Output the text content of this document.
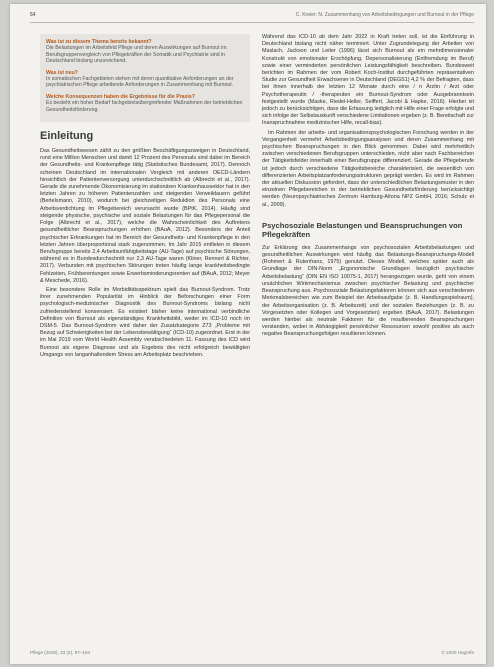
54	C. Kreier: N. Zusammenhang von Arbeitsbedingungen und Burnout in der Pflege
Was ist zu diesem Thema bereits bekannt?
Die Belastungen im Arbeitsfeld Pflege und deren Auswirkungen auf Burnout im Berufsgruppenvergleich von Pflegekräften der Somatik und Psychiatrie sind in Deutschland bislang unzureichend.
Was ist neu?
In somatischen Fachgebieten stehen mit deren quantitative Anforderungen an der psychiatrischen Pflege arbeitende Anforderungen in Zusammenhang mit Burnout.
Welche Konsequenzen haben die Ergebnisse für die Praxis?
Es besteht ein hoher Bedarf fachgebietsübergreifender Maßnahmen der betrieblichen Gesundheitsförderung.
Einleitung

Das Gesundheitswesen zählt zu den größten Beschäftigungszweigen in Deutschland, rund eine Million Menschen und damit 12 Prozent des Personals sind dabei im Bereich der Gesundheits- und Krankenpflege tätig (Statistisches Bundesamt, 2017). Dennoch scheinen Deutschland im internationalen Vergleich mit anderen OECD-Ländern hinsichtlich der Patientenversorgung unterdurchschnittlich ab (Albrecht et al., 2017). Gerade die zunehmende Ökonomisierung im stationären Krankenhaussektor hat in den letzten Jahren zu höheren Patientenzahlen und steigenden Verweildauern geführt (Bertelsmann, 2010), wodurch bei gleichzeitigen Reduktion des Personals eine Arbeitsverdichtung im Pflegebereich verursacht wurde (BPtK, 2014). Häufig sind steigende physische, psychische und soziale Belastungen für das Pflegepersonal die Folge (Albrecht et al., 2017), welche die Wahrscheinlichkeit des Auftretens gesundheitlicher Beanspruchungen erhöhen (BAuA, 2012). Besonders der Anteil psychischer Erkrankungen hat im Bereich der Gesundheits- und Krankenpflege in den letzten Jahren überproportional stark zugenommen. Im Jahr 2015 entfielen in diesem Berufsgruppe bereits 2,4 Arbeitsunfähigkeitstage (AU-Tage) auf psychische Störungen, während es in Bundesdurchschnitt nur 2,3 AU-Tage waren (Kliner, Rennert & Richter, 2017). Verbunden mit psychischen Störungen treten häufig lange krankheitsbedingte Fehlzeiten, Frühberentungen sowie Erwerbsminderungsrenten auf (BAuA, 2012; Meyer & Meschede, 2016).

Eine besondere Rolle im Morbiditätsspektrum spielt das Burnout-Syndrom. Trotz ihrer zunehmenden Popularität im Hinblick der Beforschungen einer Form psychologisch-medizinischer Diagnostik des Burnout-Syndroms bislang nicht zufriedenstellend konsensiert. Es existiert bisher keine international verbindliche Definition von Burnout als eigenständiges Krankheitsbild, weder im ICD-10 noch im DSM-5. Das Burnout-Syndrom wird daher der Zusatzkategorie Z73 „Probleme mit Bezug auf Schwierigkeiten bei der Lebensbewältigung“ (ICD-10) zugeordnet. Erst in der im Mai 2019 vom World Health Assembly verabschiedeten 11. Fassung des ICD wird Burnout als eigene Diagnose und als Ergebnis des nicht erfolgreich bewältigten Umgangs von langanhaltendem Stress am Arbeitsplatz beschrieben.

Während das ICD-10 ab dem Jahr 2022 in Kraft treten soll, ist die Einführung in Deutschland bislang nicht näher terminiert. Unter Zugrundelegung der Arbeiten von Maslach, Jackson und Leiter (1996) lässt sich Burnout als ein mehrdimensionaler Konstrukt von emotionaler Erschöpfung, Depersonalisierung (Entfremdung im Beruf) sowie einer verminderten persönlichen Leistungsfähigkeit beschreiben. Bundesweit berichten im Rahmen der vom Robert Koch-Institut durchgeführten repräsentativen Studie zur Gesundheit Erwachsener in Deutschland (DEGS1) 4,2 % der Befragten, dass bei ihnen innerhalb der letzten 12 Monate durch eine / n Ärztin / Arzt oder Psychotherapeutin / -therapeuten ein Burnout-Syndrom oder Ausgebranntsein festgestellt wurde (Maske, Riedel-Heller, Seiffert, Jacobi & Hapke, 2016). Hierbei ist jedoch zu berücksichtigen, dass die Erfassung lediglich mit Hilfe einer Frage erfolgte und sich infolge der Selbstauskunft verschiedene Limitationen ergeben (z. B. Bereitschaft zur Inanspruchnahme medizinischer Hilfe, recall-bias).

Im Rahmen der arbeits- und organisationspsychologischen Forschung werden in der Vergangenheit vermehrt Arbeitsbedingungsanalysen und deren Zusammenhang mit psychischen Beanspruchungen in den Blick genommen. Dabei wird mehrheitlich zwischen verschiedenen Berufsgruppen unterschieden, nicht aber nach Fachbereichen der Tätigkeitsfelder innerhalb einer Berufsgruppe differenziert. Gerade die Pflegeberufe ist jedoch durch verschiedene Tätigkeitsbereiche charakterisiert, die wesentlich von differenzierten Arbeitsplatzanforderungsstrukturen geprägt werden. Es wird im Rahmen der aktuellen Diskussion gefordert, dass der unterschiedlichen Belastungsmuster in den einzelnen Pflegebereichen in der betrieblichen Gesundheitsförderung berücksichtigt werden (Neuropsychiatrisches Zentrum Hamburg-Altona NPZ GmbH, 2016; Schulz et al., 2009).

Psychosoziale Belastungen und Beanspruchungen von Pflegekräften

Zur Erklärung des Zusammenhangs von psychosozialen Arbeitsbelastungen und gesundheitlichen Auswirkungen wird häufig das Belastungs-Beanspruchungs-Modell (Rohmert & Rutenfranz, 1975) genutzt. Dieses Modell, welches später auch als Grundlage der DIN-Norm „Ergonomische Grundlagen bezüglich psychischer Arbeitsbelastung“ (DIN EN ISO 10075-1, 2017) herangezogen wurde, geht von einem ursächlichen Wirkmechanismus zwischen psychischer Belastung und psychischer Beanspruchung aus. Psychosoziale Belastungsfaktoren können sich aus verschiedenen Merkmalsbereichen wie zum Beispiel der Arbeitsaufgabe (z. B. Handlungsspielraum), der Arbeitsorganisation (z. B. Arbeitszeit) und der sozialen Beziehungen (z. B. zu Vorgesetzten oder Kollegen und Vorgesetzten) ergeben (BAuA, 2017). Belastungen werden hierbei als neutrale Faktoren für die resultierenden Beanspruchungen verstanden, wobei in Abhängigkeit persönlicher Ressourcen sowohl positive als auch negative Beanspruchungsfolgen resultieren können.

Pflege (2020), 33 (2), 97–104	© 2020 Hogrefe
